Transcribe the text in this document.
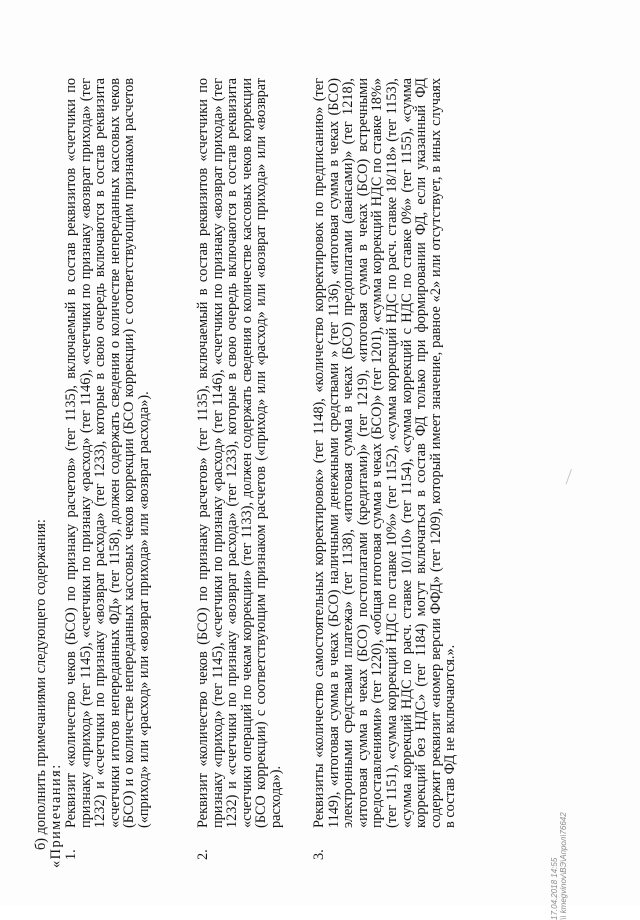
б) дополнить примечаниями следующего содержания: «Примечания: 1.
Реквизит «количество чеков (БСО) по признаку расчетов» (тег 1135), включаемый в состав реквизитов «счетчики по признаку «приход» (тег 1145), «счетчики по признаку «расход» (тег 1146), «счетчики по признаку «возврат прихода» (тег 1232) и «счетчики по признаку «возврат расхода» (тег 1233), которые в свою очередь включаются в состав реквизита «счетчики итогов непереданных ФД» (тег 1158), должен содержать сведения о количестве непереданных кассовых чеков (БСО) и о количестве непереданных кассовых чеков коррекции (БСО коррекции) с соответствующим признаком расчетов («приход» или «расход» или «возврат прихода» или «возврат расхода»).
2.
Реквизит «количество чеков (БСО) по признаку расчетов» (тег 1135), включаемый в состав реквизитов «счетчики по признаку «приход» (тег 1145), «счетчики по признаку «расход» (тег 1146), «счетчики по признаку «возврат прихода» (тег 1232) и «счетчики по признаку «возврат расхода» (тег 1233), которые в свою очередь включаются в состав реквизита «счетчики операций по чекам коррекции» (тег 1133), должен содержать сведения о количестве кассовых чеков коррекции (БСО коррекции) с соответствующим признаком расчетов («приход» или «расход» или «возврат прихода» или «возврат расхода»).
3.
Реквизиты «количество самостоятельных корректировок» (тег 1148), «количество корректировок по предписанию» (тег 1149), «итоговая сумма в чеках (БСО) наличными денежными средствами » (тег 1136), «итоговая сумма в чеках (БСО) электронными средствами платежа» (тег 1138), «итоговая сумма в чеках (БСО) предоплатами (авансами)» (тег 1218), «итоговая сумма в чеках (БСО) постоплатами (кредитами)» (тег 1219), «итоговая сумма в чеках (БСО) встречными предоставлениями» (тег 1220), «общая итоговая сумма в чеках (БСО)» (тег 1201), «сумма коррекций НДС по ставке 18%» (тег 1151), «сумма коррекций НДС по ставке 10%» (тег 1152), «сумма коррекций НДС по расч. ставке 18/118» (тег 1153), «сумма коррекций НДС по расч. ставке 10/110» (тег 1154), «сумма коррекций с НДС по ставке 0%» (тег 1155), «сумма коррекций без НДС» (тег 1184) могут включаться в состав ФД только при формировании ФД, если указанный ФД содержит реквизит «номер версии ФФД» (тег 1209), который имеет значение, равное «2» или отсутствует, в иных случаях в состав ФД не включаются.».
17.04.2018 14:55 \\ kmegvinov\ВЭ\Апрол\76642
